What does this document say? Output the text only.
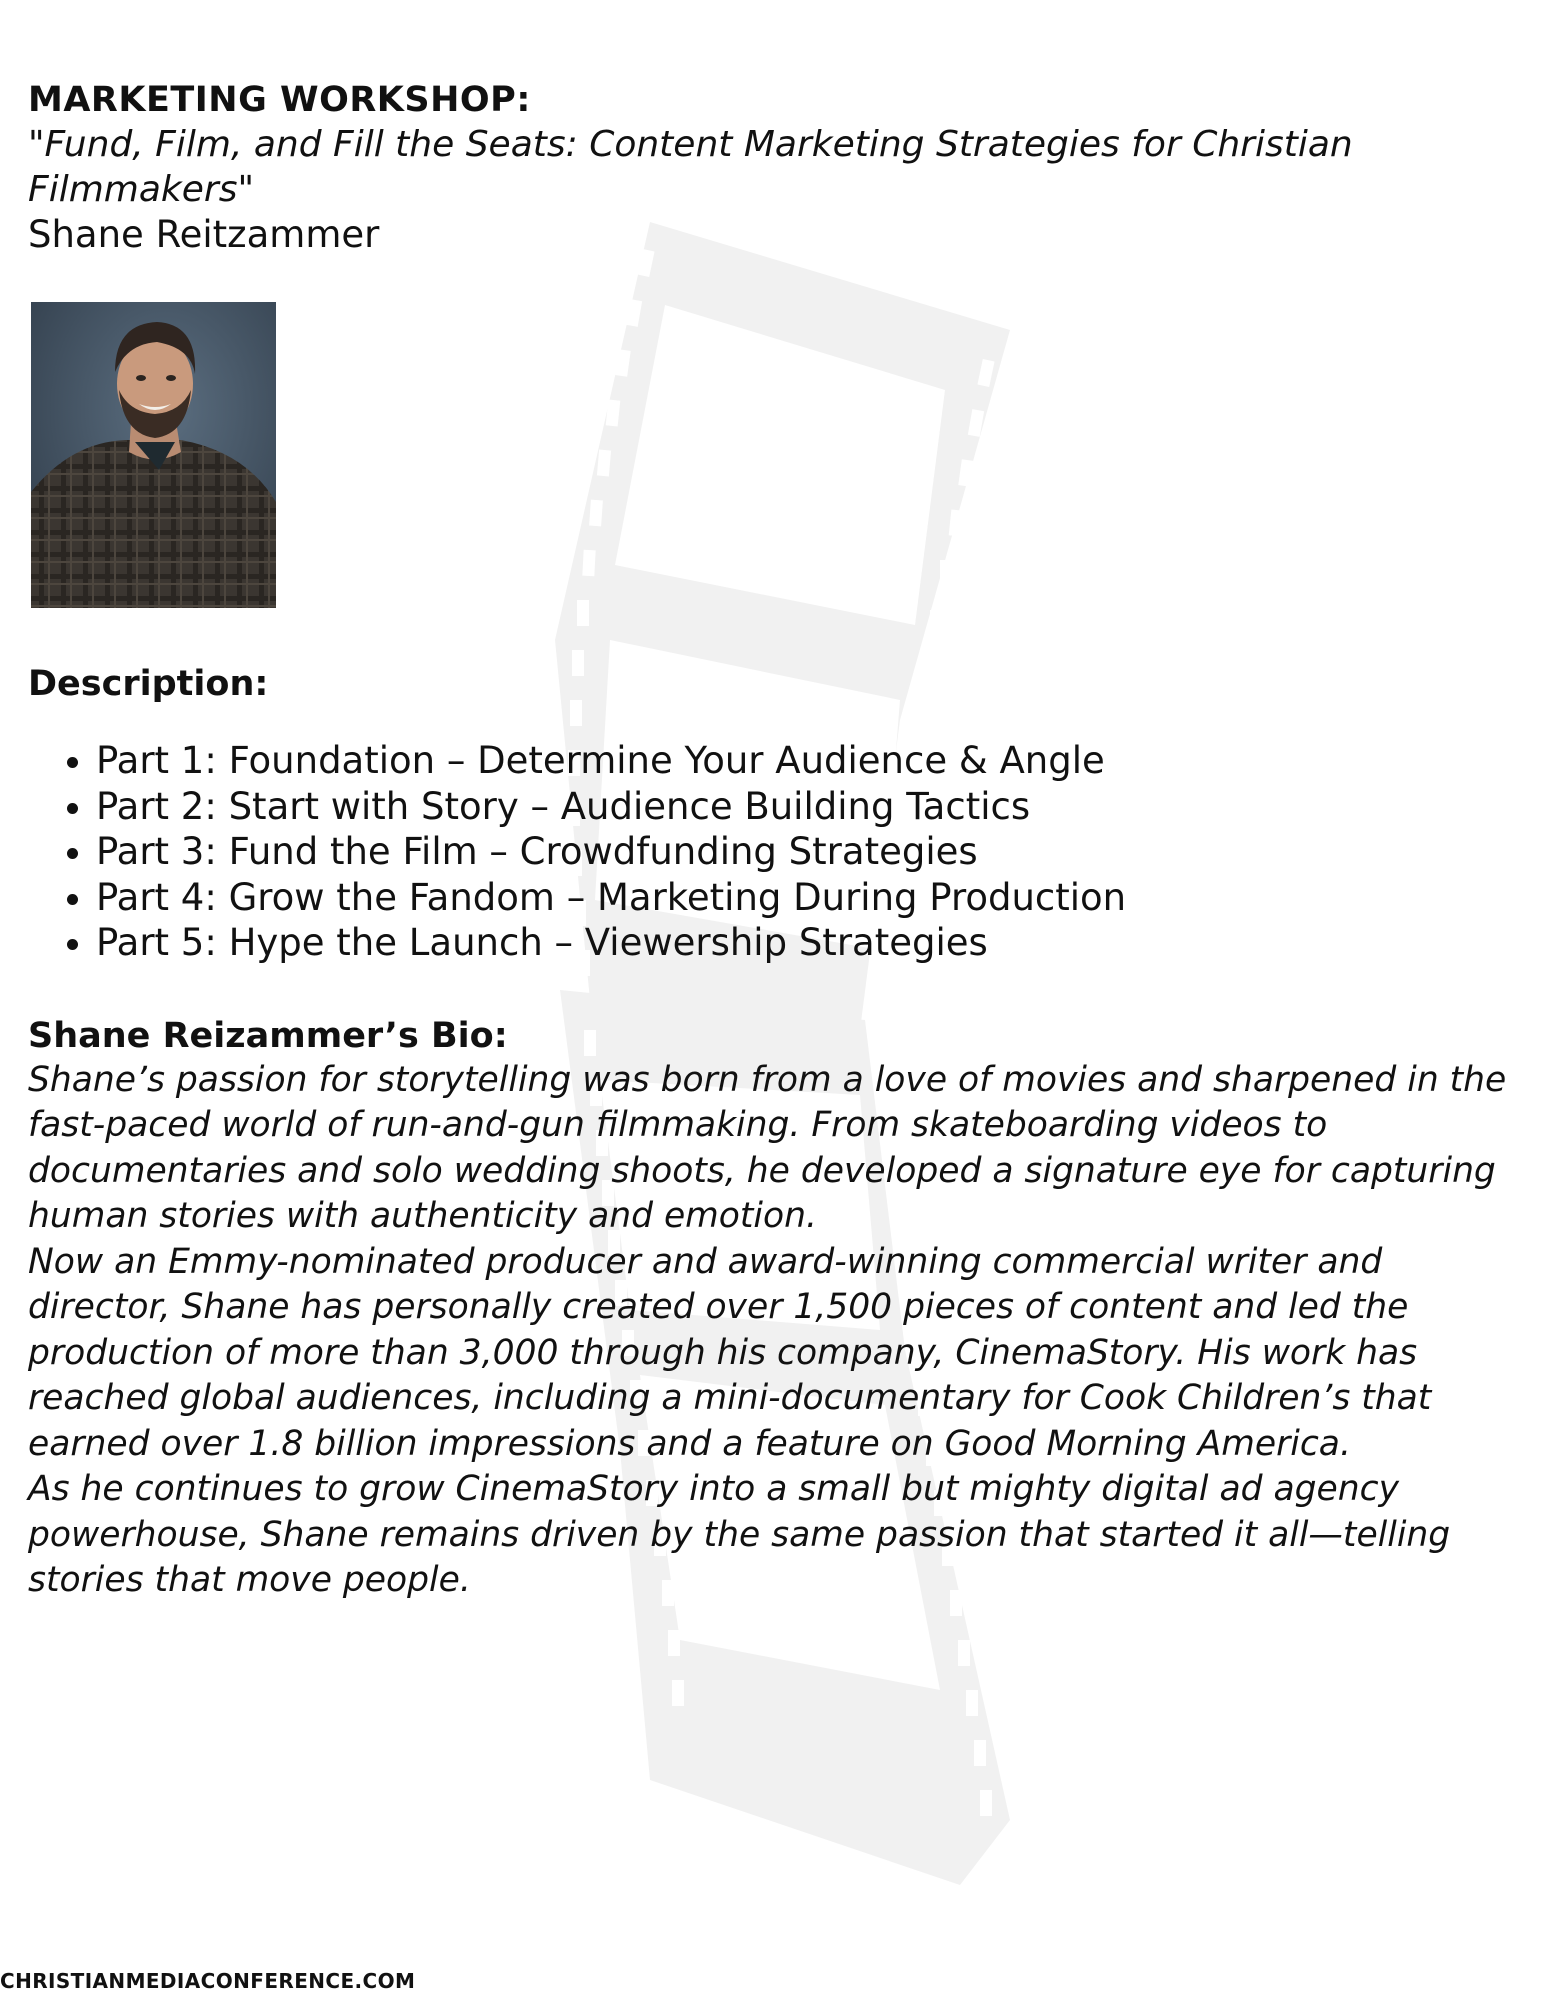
MARKETING WORKSHOP:
"Fund, Film, and Fill the Seats: Content Marketing Strategies for Christian Filmmakers"
Shane Reitzammer
Description:
• Part 1: Foundation – Determine Your Audience & Angle
• Part 2: Start with Story – Audience Building Tactics
• Part 3: Fund the Film – Crowdfunding Strategies
• Part 4: Grow the Fandom – Marketing During Production
• Part 5: Hype the Launch – Viewership Strategies
Shane Reizammer’s Bio:

Shane’s passion for storytelling was born from a love of movies and sharpened in the fast-paced world of run-and-gun filmmaking. From skateboarding videos to documentaries and solo wedding shoots, he developed a signature eye for capturing human stories with authenticity and emotion.

Now an Emmy-nominated producer and award-winning commercial writer and director, Shane has personally created over 1,500 pieces of content and led the production of more than 3,000 through his company, CinemaStory. His work has reached global audiences, including a mini-documentary for Cook Children’s that earned over 1.8 billion impressions and a feature on Good Morning America.

As he continues to grow CinemaStory into a small but mighty digital ad agency powerhouse, Shane remains driven by the same passion that started it all—telling stories that move people.

CHRISTIANMEDIACONFERENCE.COM
